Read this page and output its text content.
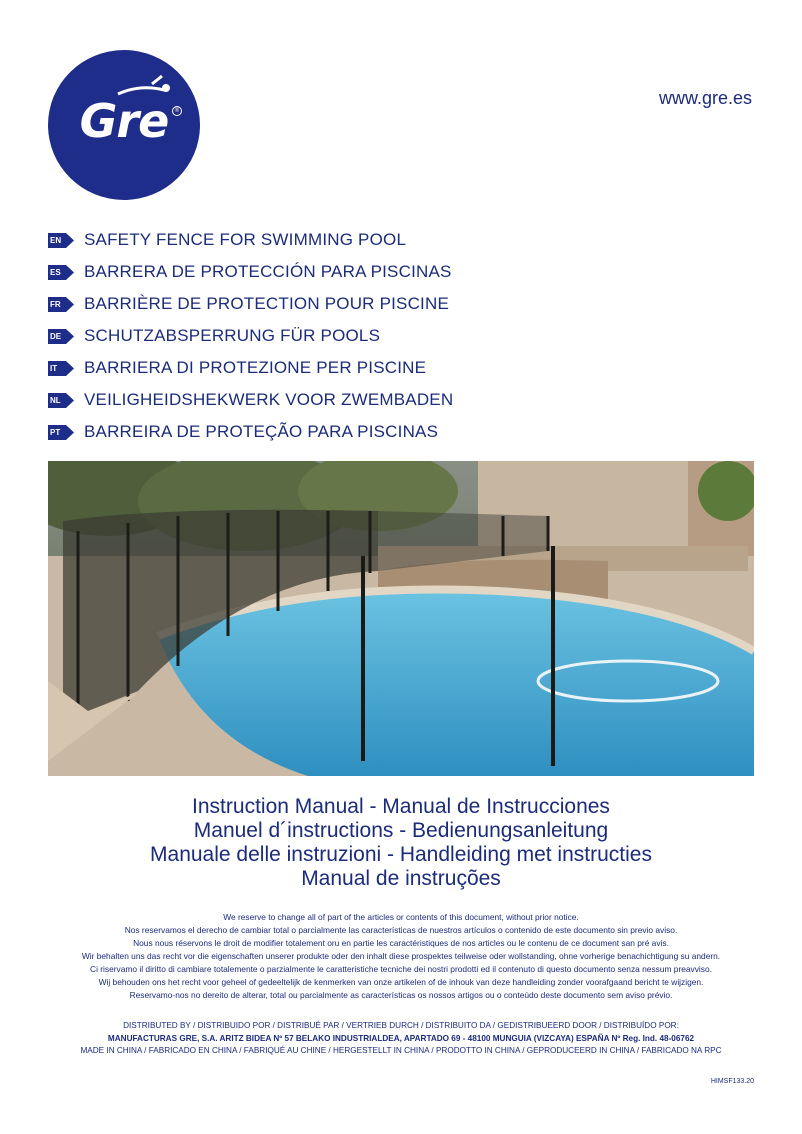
Gre	®
www.gre.es
EN SAFETY FENCE FOR SWIMMING POOL
ES BARRERA DE PROTECCIÓN PARA PISCINAS
FR BARRIÈRE DE PROTECTION POUR PISCINE
DE SCHUTZABSPERRUNG FÜR POOLS
IT BARRIERA DI PROTEZIONE PER PISCINE
NL VEILIGHEIDSHEKWERK VOOR ZWEMBADEN
PT BARREIRA DE PROTEÇÃO PARA PISCINAS
Instruction Manual - Manual de Instrucciones
Manuel d´instructions - Bedienungsanleitung
Manuale delle instruzioni - Handleiding met instructies
Manual de instruções
We reserve to change all of part of the articles or contents of this document, without prior notice.
Nos reservamos el derecho de cambiar total o parcialmente las características de nuestros artículos o contenido de este documento sin previo aviso.
Nous nous réservons le droit de modifier totalement oru en partie les caractéristiques de nos articles ou le contenu de ce document san pré avis.
Wir behalten uns das recht vor die eigenschaften unserer produkte oder den inhalt diese prospektes teilweise oder wollstanding, ohne vorherige benachichtigung su andern.
Ci riservamo il diritto di cambiare totalemente o parzialmente le caratteristiche tecniche dei nostri prodotti ed il contenuto di questo documento senza nessum preavviso.
Wij behouden ons het recht voor geheel of gedeeltelijk de kenmerken van onze artikelen of de inhouk van deze handleiding zonder voorafgaand bericht te wijzigen.
Reservamo-nos no dereito de alterar, total ou parcialmente as características os nossos artigos ou o conteúdo deste documento sem aviso prévio.
DISTRIBUTED BY / DISTRIBUIDO POR / DISTRIBUÉ PAR / VERTRIEB DURCH / DISTRIBUITO DA / GEDISTRIBUEERD DOOR / DISTRIBUÍDO POR:
MANUFACTURAS GRE, S.A. ARITZ BIDEA Nº 57 BELAKO INDUSTRIALDEA, APARTADO 69 - 48100 MUNGUIA (VIZCAYA) ESPAÑA Nº Reg. Ind. 48-06762
MADE IN CHINA / FABRICADO EN CHINA / FABRIQUÉ AU CHINE / HERGESTELLT IN CHINA / PRODOTTO IN CHINA / GEPRODUCEERD IN CHINA / FABRICADO NA RPC
HIMSF133.20
